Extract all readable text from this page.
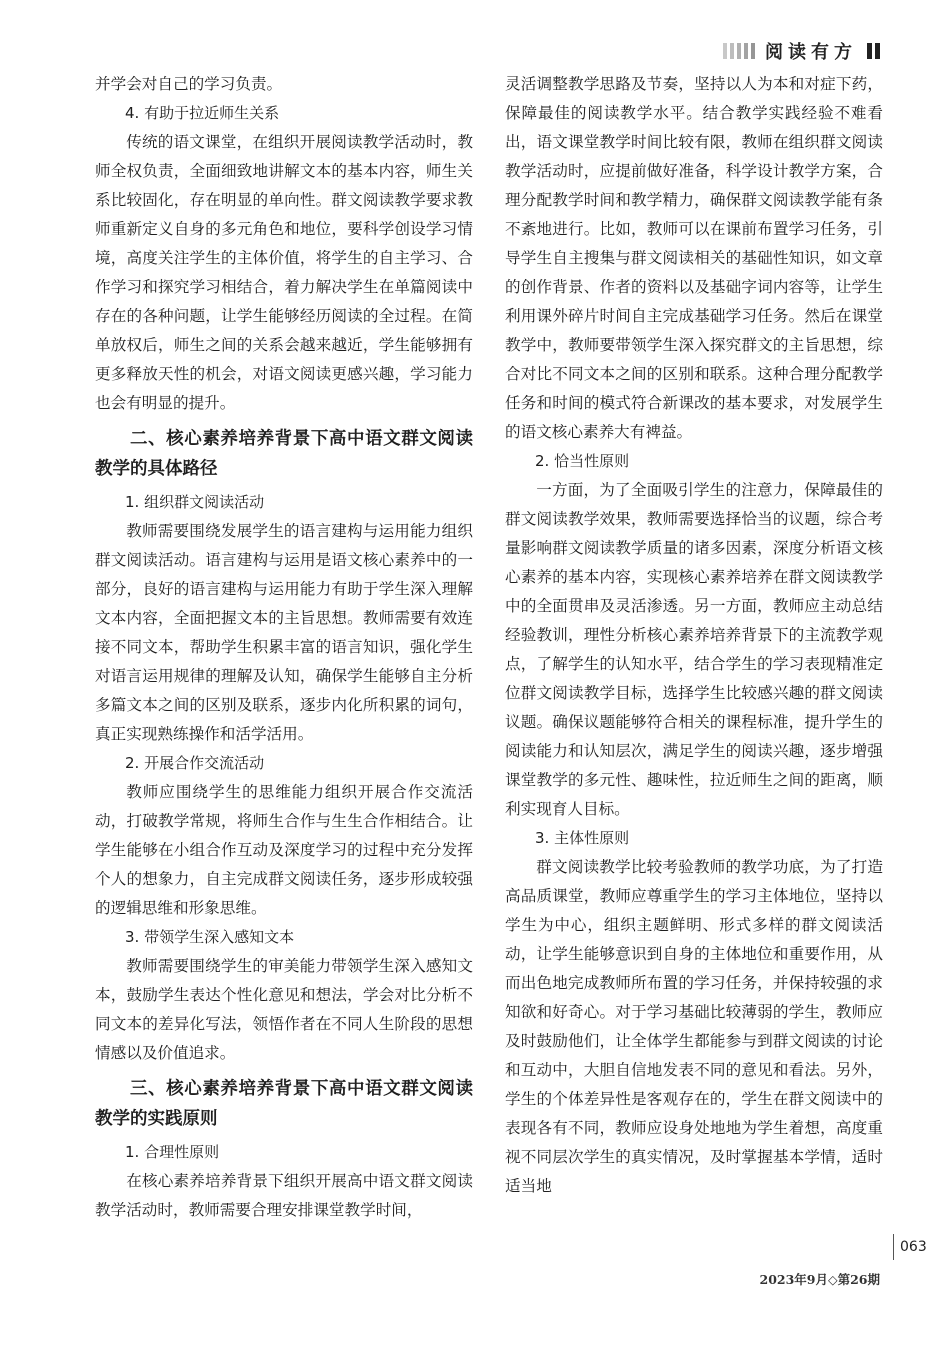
阅读有方

并学会对自己的学习负责。

4. 有助于拉近师生关系

传统的语文课堂，在组织开展阅读教学活动时，教师全权负责，全面细致地讲解文本的基本内容，师生关系比较固化，存在明显的单向性。群文阅读教学要求教师重新定义自身的多元角色和地位，要科学创设学习情境，高度关注学生的主体价值，将学生的自主学习、合作学习和探究学习相结合，着力解决学生在单篇阅读中存在的各种问题，让学生能够经历阅读的全过程。在简单放权后，师生之间的关系会越来越近，学生能够拥有更多释放天性的机会，对语文阅读更感兴趣，学习能力也会有明显的提升。

二、核心素养培养背景下高中语文群文阅读教学的具体路径

1. 组织群文阅读活动

教师需要围绕发展学生的语言建构与运用能力组织群文阅读活动。语言建构与运用是语文核心素养中的一部分，良好的语言建构与运用能力有助于学生深入理解文本内容，全面把握文本的主旨思想。教师需要有效连接不同文本，帮助学生积累丰富的语言知识，强化学生对语言运用规律的理解及认知，确保学生能够自主分析多篇文本之间的区别及联系，逐步内化所积累的词句，真正实现熟练操作和活学活用。

2. 开展合作交流活动

教师应围绕学生的思维能力组织开展合作交流活动，打破教学常规，将师生合作与生生合作相结合。让学生能够在小组合作互动及深度学习的过程中充分发挥个人的想象力，自主完成群文阅读任务，逐步形成较强的逻辑思维和形象思维。

3. 带领学生深入感知文本

教师需要围绕学生的审美能力带领学生深入感知文本，鼓励学生表达个性化意见和想法，学会对比分析不同文本的差异化写法，领悟作者在不同人生阶段的思想情感以及价值追求。

三、核心素养培养背景下高中语文群文阅读教学的实践原则

1. 合理性原则

在核心素养培养背景下组织开展高中语文群文阅读教学活动时，教师需要合理安排课堂教学时间，

灵活调整教学思路及节奏，坚持以人为本和对症下药，保障最佳的阅读教学水平。结合教学实践经验不难看出，语文课堂教学时间比较有限，教师在组织群文阅读教学活动时，应提前做好准备，科学设计教学方案，合理分配教学时间和教学精力，确保群文阅读教学能有条不紊地进行。比如，教师可以在课前布置学习任务，引导学生自主搜集与群文阅读相关的基础性知识，如文章的创作背景、作者的资料以及基础字词内容等，让学生利用课外碎片时间自主完成基础学习任务。然后在课堂教学中，教师要带领学生深入探究群文的主旨思想，综合对比不同文本之间的区别和联系。这种合理分配教学任务和时间的模式符合新课改的基本要求，对发展学生的语文核心素养大有裨益。

2. 恰当性原则

一方面，为了全面吸引学生的注意力，保障最佳的群文阅读教学效果，教师需要选择恰当的议题，综合考量影响群文阅读教学质量的诸多因素，深度分析语文核心素养的基本内容，实现核心素养培养在群文阅读教学中的全面贯串及灵活渗透。另一方面，教师应主动总结经验教训，理性分析核心素养培养背景下的主流教学观点，了解学生的认知水平，结合学生的学习表现精准定位群文阅读教学目标，选择学生比较感兴趣的群文阅读议题。确保议题能够符合相关的课程标准，提升学生的阅读能力和认知层次，满足学生的阅读兴趣，逐步增强课堂教学的多元性、趣味性，拉近师生之间的距离，顺利实现育人目标。

3. 主体性原则

群文阅读教学比较考验教师的教学功底，为了打造高品质课堂，教师应尊重学生的学习主体地位，坚持以学生为中心，组织主题鲜明、形式多样的群文阅读活动，让学生能够意识到自身的主体地位和重要作用，从而出色地完成教师所布置的学习任务，并保持较强的求知欲和好奇心。对于学习基础比较薄弱的学生，教师应及时鼓励他们，让全体学生都能参与到群文阅读的讨论和互动中，大胆自信地发表不同的意见和看法。另外，学生的个体差异性是客观存在的，学生在群文阅读中的表现各有不同，教师应设身处地地为学生着想，高度重视不同层次学生的真实情况，及时掌握基本学情，适时适当地

063
2023年9月◇第26期
